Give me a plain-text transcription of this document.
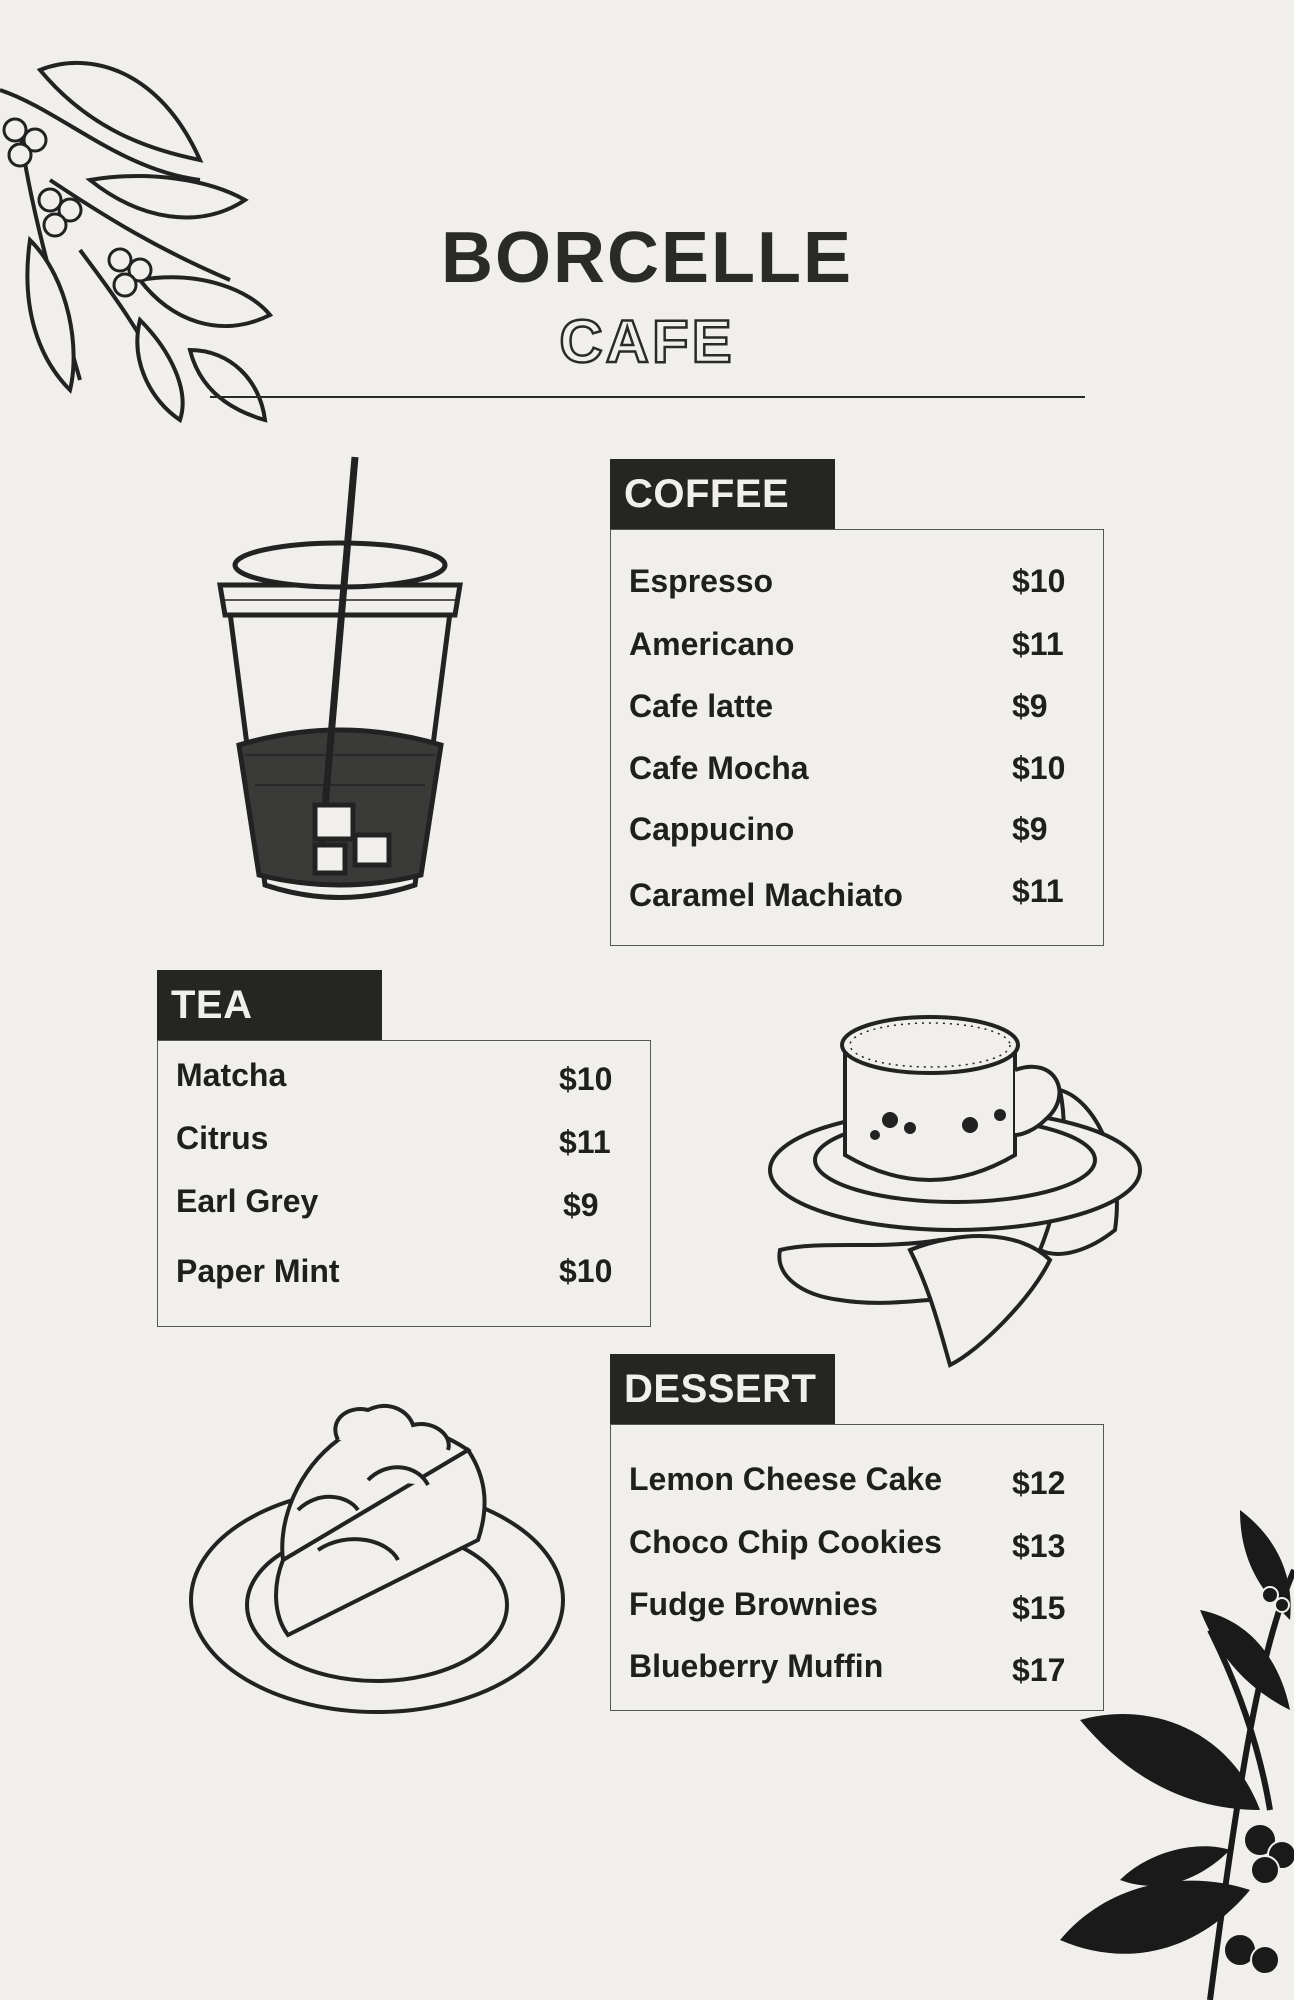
BORCELLE
CAFE
COFFEE
Espresso	$10
Americano	$11
Cafe latte	$9
Cafe Mocha	$10
Cappucino	$9
Caramel Machiato	$11
TEA
Matcha	$10
Citrus	$11
Earl Grey	$9
Paper Mint	$10
DESSERT
Lemon Cheese Cake $12
Choco Chip Cookies $13
Fudge Brownies	$15
Blueberry Muffin	$17
